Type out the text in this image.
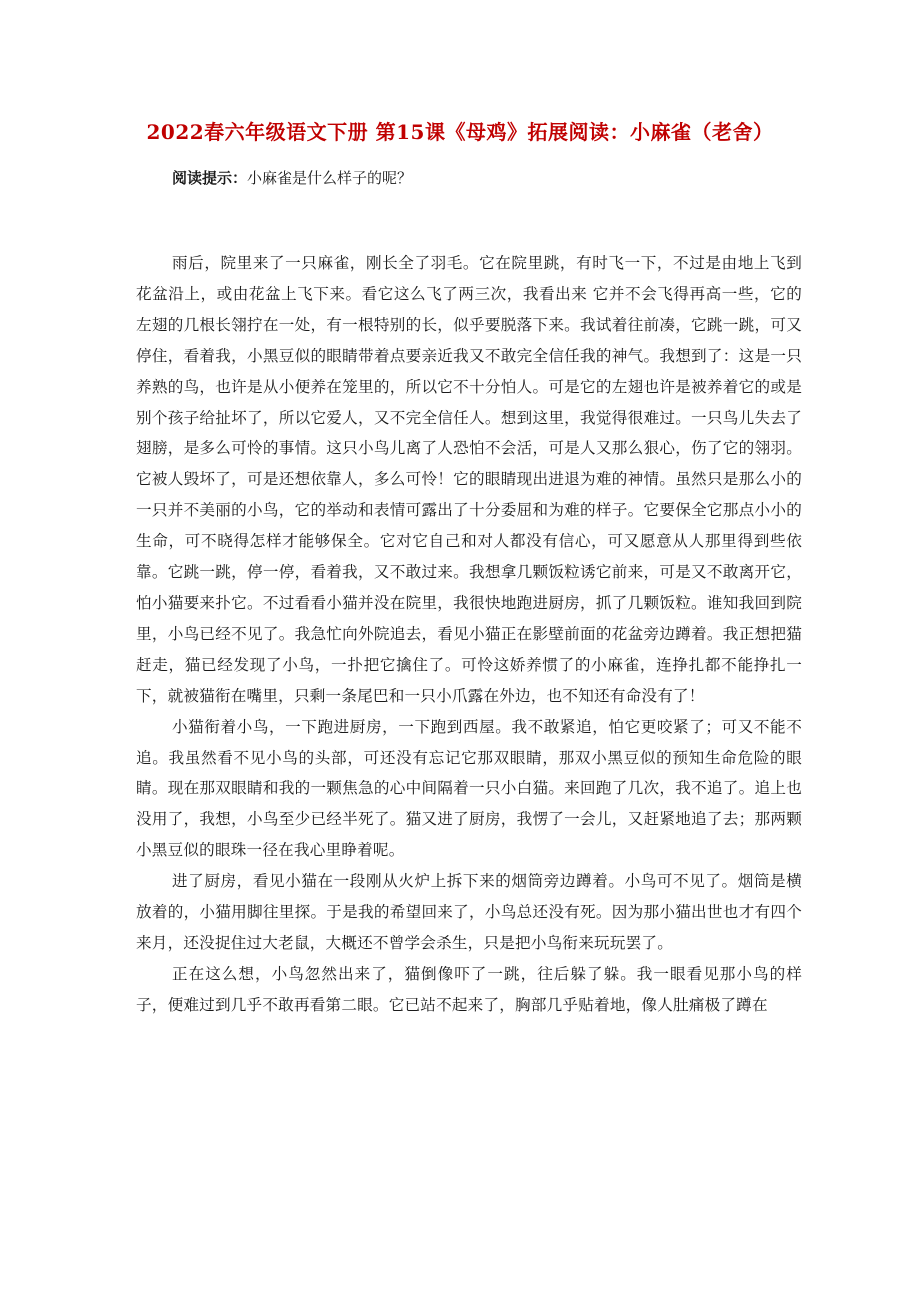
2022春六年级语文下册 第15课《母鸡》拓展阅读：小麻雀（老舍）

阅读提示：小麻雀是什么样子的呢？

雨后，院里来了一只麻雀，刚长全了羽毛。它在院里跳，有时飞一下，不过是由地上飞到花盆沿上，或由花盆上飞下来。看它这么飞了两三次，我看出来 它并不会飞得再高一些，它的左翅的几根长翎拧在一处，有一根特别的长，似乎要脱落下来。我试着往前凑，它跳一跳，可又停住，看着我，小黑豆似的眼睛带着点要亲近我又不敢完全信任我的神气。我想到了：这是一只养熟的鸟，也许是从小便养在笼里的，所以它不十分怕人。可是它的左翅也许是被养着它的或是别个孩子给扯坏了，所以它爱人，又不完全信任人。想到这里，我觉得很难过。一只鸟儿失去了翅膀，是多么可怜的事情。这只小鸟儿离了人恐怕不会活，可是人又那么狠心，伤了它的翎羽。它被人毁坏了，可是还想依靠人，多么可怜！它的眼睛现出进退为难的神情。虽然只是那么小的一只并不美丽的小鸟，它的举动和表情可露出了十分委屈和为难的样子。它要保全它那点小小的生命，可不晓得怎样才能够保全。它对它自己和对人都没有信心，可又愿意从人那里得到些依靠。它跳一跳，停一停，看着我，又不敢过来。我想拿几颗饭粒诱它前来，可是又不敢离开它，怕小猫要来扑它。不过看看小猫并没在院里，我很快地跑进厨房，抓了几颗饭粒。谁知我回到院里，小鸟已经不见了。我急忙向外院追去，看见小猫正在影壁前面的花盆旁边蹲着。我正想把猫赶走，猫已经发现了小鸟，一扑把它擒住了。可怜这娇养惯了的小麻雀，连挣扎都不能挣扎一下，就被猫衔在嘴里，只剩一条尾巴和一只小爪露在外边，也不知还有命没有了！

小猫衔着小鸟，一下跑进厨房，一下跑到西屋。我不敢紧追，怕它更咬紧了；可又不能不追。我虽然看不见小鸟的头部，可还没有忘记它那双眼睛，那双小黑豆似的预知生命危险的眼睛。现在那双眼睛和我的一颗焦急的心中间隔着一只小白猫。来回跑了几次，我不追了。追上也没用了，我想，小鸟至少已经半死了。猫又进了厨房，我愣了一会儿，又赶紧地追了去；那两颗小黑豆似的眼珠一径在我心里睁着呢。

进了厨房，看见小猫在一段刚从火炉上拆下来的烟筒旁边蹲着。小鸟可不见了。烟筒是横放着的，小猫用脚往里探。于是我的希望回来了，小鸟总还没有死。因为那小猫出世也才有四个来月，还没捉住过大老鼠，大概还不曾学会杀生，只是把小鸟衔来玩玩罢了。

正在这么想，小鸟忽然出来了，猫倒像吓了一跳，往后躲了躲。我一眼看见那小鸟的样子，便难过到几乎不敢再看第二眼。它已站不起来了，胸部几乎贴着地，像人肚痛极了蹲在
